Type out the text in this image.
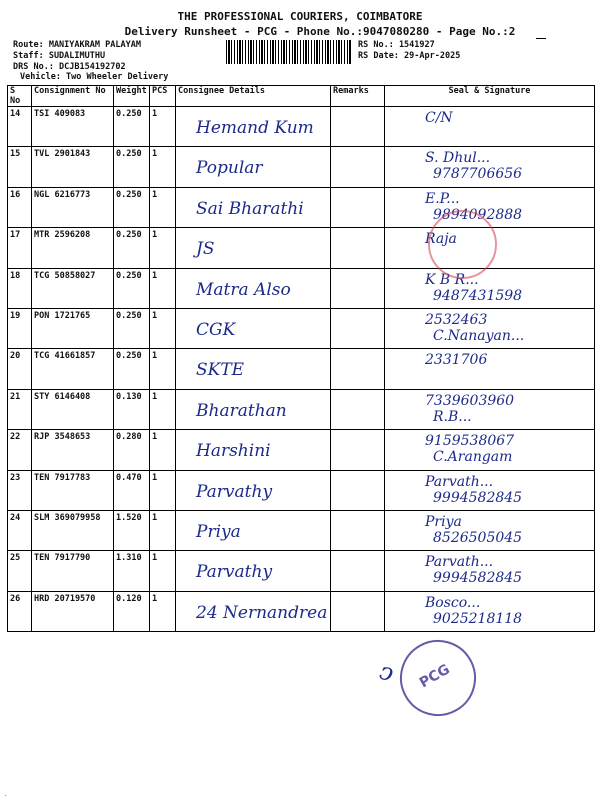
THE PROFESSIONAL COURIERS, COIMBATORE
Delivery Runsheet - PCG - Phone No.:9047080280 - Page No.:2
Route: MANIYAKRAM PALAYAM
Staff: SUDALIMUTHU
DRS No.: DCJB154192702
Vehicle: Two Wheeler Delivery
RS No.: 1541927
RS Date: 29-Apr-2025
S No	Consignment No	Weight	PCS	Consignee Details	Remarks	Seal & Signature
14	TSI 409083	0.250	1	Hemand Kum		C/N

15	TVL 2901843	0.250	1	Popular		S. Dhul...
9787706656

16	NGL 6216773	0.250	1	Sai Bharathi		E.P...
9894092888

17	MTR 2596208	0.250	1	JS		Raja

18	TCG 50858027	0.250	1	Matra Also		K B R...
9487431598

19	PON 1721765	0.250	1	CGK		2532463
C.Nanayan...

20	TCG 41661857	0.250	1	SKTE		2331706

21	STY 6146408	0.130	1	Bharathan		7339603960
R.B...

22	RJP 3548653	0.280	1	Harshini		9159538067
C.Arangam

23	TEN 7917783	0.470	1	Parvathy		Parvath...
9994582845

24	SLM 369079958	1.520	1	Priya		Priya
8526505045

25	TEN 7917790	1.310	1	Parvathy		Parvath...
9994582845

26	HRD 20719570	0.120	1	24 Nernandrea		Bosco...
9025218118
ↄ PCG
-
